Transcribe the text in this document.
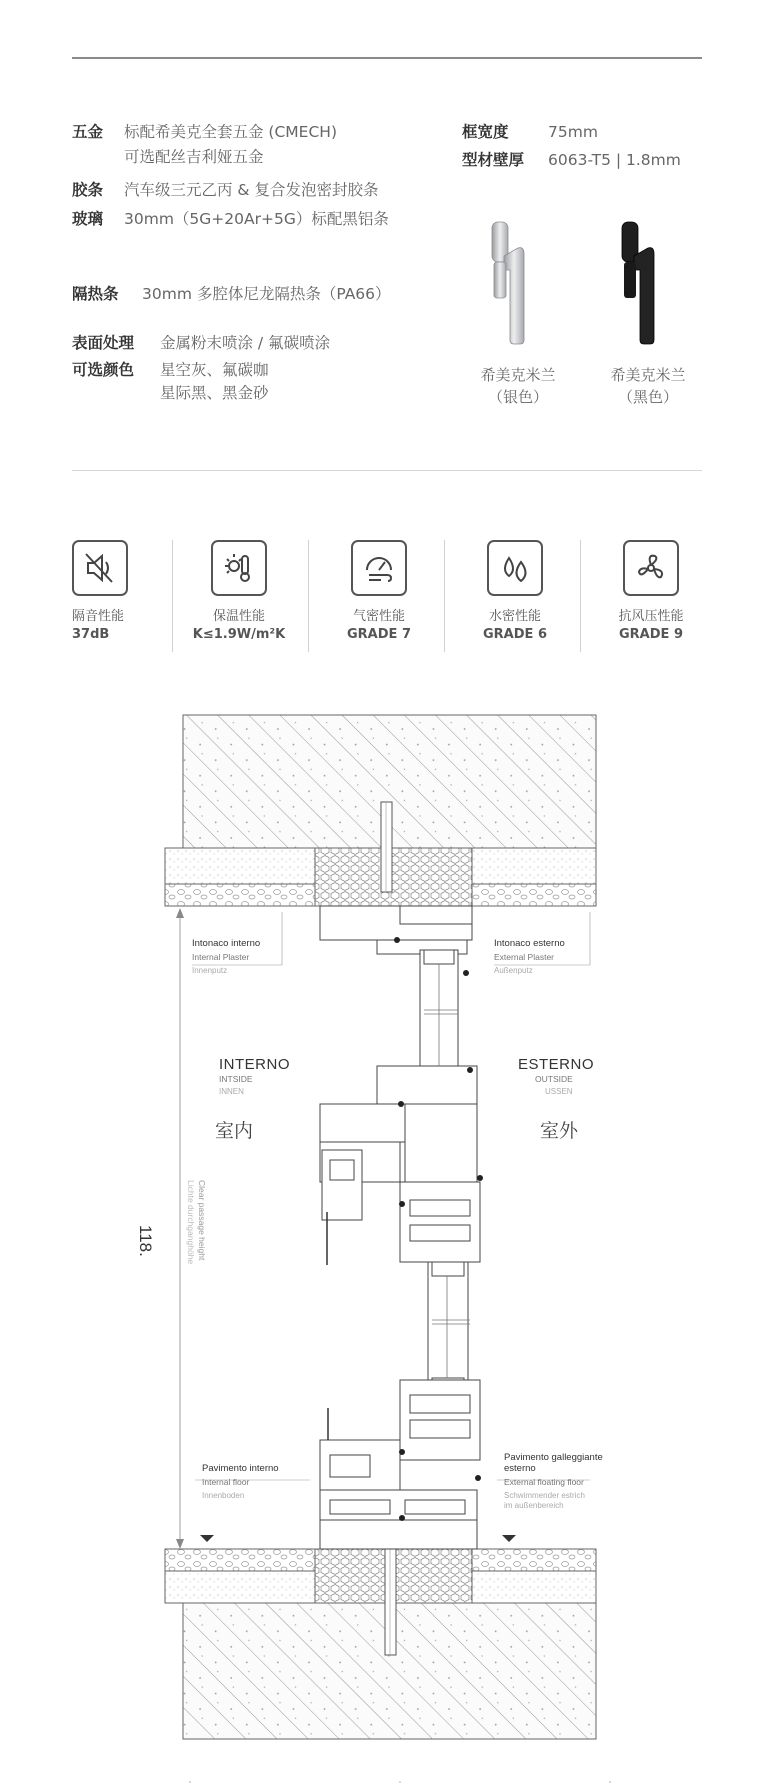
五金 标配希美克全套五金 (CMECH)
可选配丝吉利娅五金
胶条 汽车级三元乙丙 & 复合发泡密封胶条
玻璃 30mm（5G+20Ar+5G）标配黑铝条
隔热条 30mm 多腔体尼龙隔热条（PA66）
表面处理 金属粉末喷涂 / 氟碳喷涂
可选颜色 星空灰、氟碳咖
星际黑、黑金砂
框宽度	75mm
型材壁厚 6063-T5 | 1.8mm
希美克米兰
（银色）
希美克米兰
（黑色）
隔音性能
37dB
保温性能
K≤1.9W/m²K
气密性能
GRADE 7
水密性能
GRADE 6
抗风压性能
GRADE 9
Intonaco interno
Internal Plaster
Innenputz
Intonaco esterno
External Plaster
Außenputz
INTERNO
INTSIDE
INNEN
室内
ESTERNO
OUTSIDE
USSEN
室外
118.	Clear passage height
Lichte durchganghöhe
Pavimento interno
Internal floor
Innenboden
Pavimento galleggiante
esterno
External floating floor
Schwimmender estrich
im außenbereich
